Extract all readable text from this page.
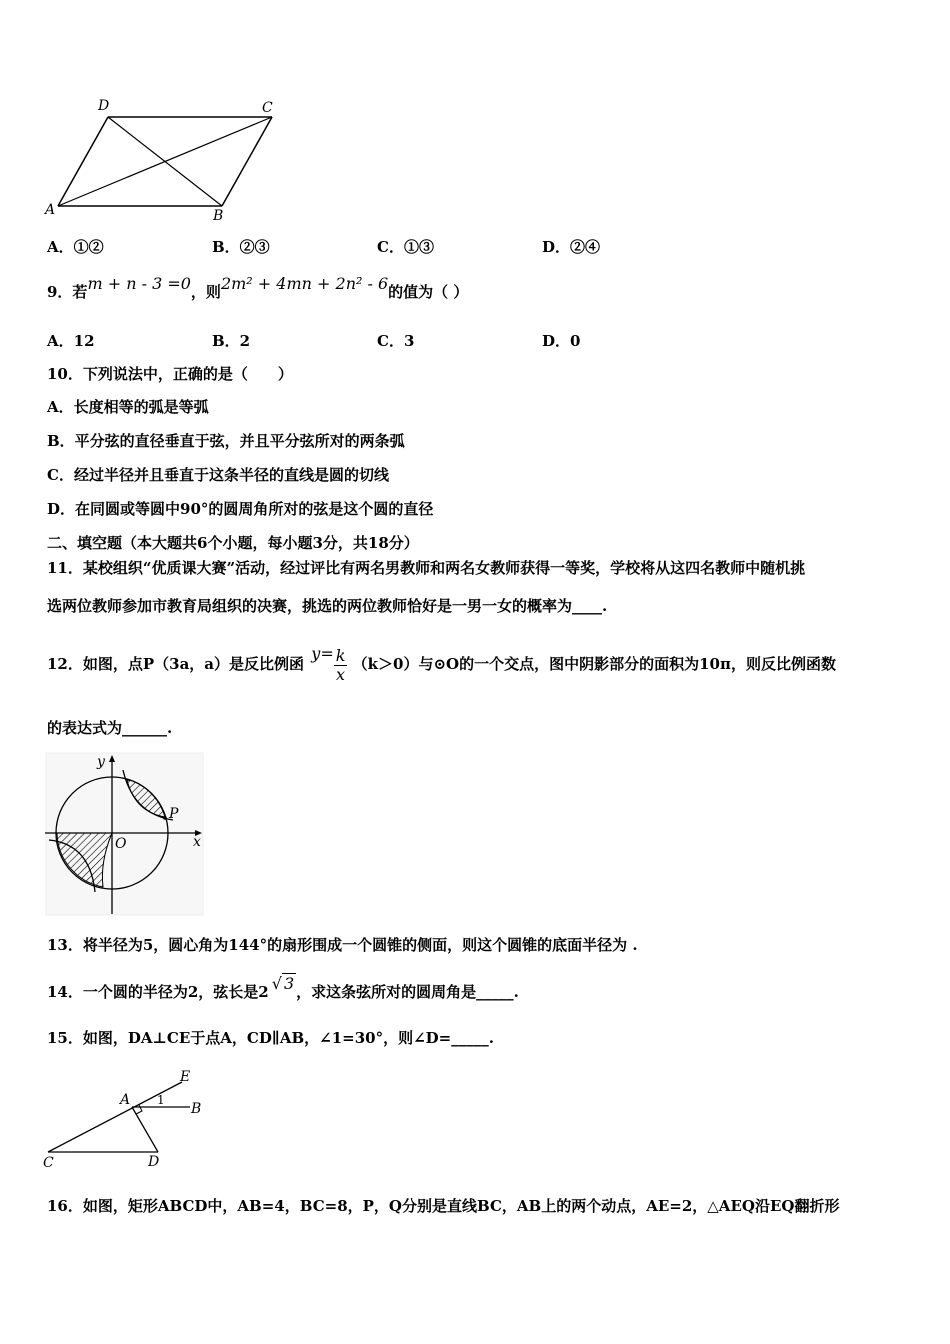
D	C
A	B
A．①②	B．②③	C．①③	D．②④
9．若m + n - 3 =0，则2m² + 4mn + 2n² - 6的值为（ ）
A．12	B．2	C．3	D．0
10．下列说法中，正确的是（　　）
A．长度相等的弧是等弧
B．平分弦的直径垂直于弦，并且平分弦所对的两条弧
C．经过半径并且垂直于这条半径的直线是圆的切线
D．在同圆或等圆中90°的圆周角所对的弦是这个圆的直径
二、填空题（本大题共6个小题，每小题3分，共18分）
11．某校组织“优质课大赛”活动，经过评比有两名男教师和两名女教师获得一等奖，学校将从这四名教师中随机挑
选两位教师参加市教育局组织的决赛，挑选的两位教师恰好是一男一女的概率为____.
12．如图，点P（3a，a）是反比例函 $y= \frac{k}{x} (k>0)$与⊙O的一个交点，图中阴影部分的面积为10π，则反比例函数
的表达式为______.
y
x
O
P
13．将半径为5，圆心角为144°的扇形围成一个圆锥的侧面，则这个圆锥的底面半径为 .
14．一个圆的半径为2，弦长是2 √ 3 ，求这条弦所对的圆周角是_____.
15．如图，DA⊥CE于点A，CD∥AB，∠1=30°，则∠D=_____.
E
A 1
B
C	D
16．如图，矩形ABCD中，AB=4，BC=8，P，Q分别是直线BC，AB上的两个动点，AE=2，△AEQ沿EQ翻折形
